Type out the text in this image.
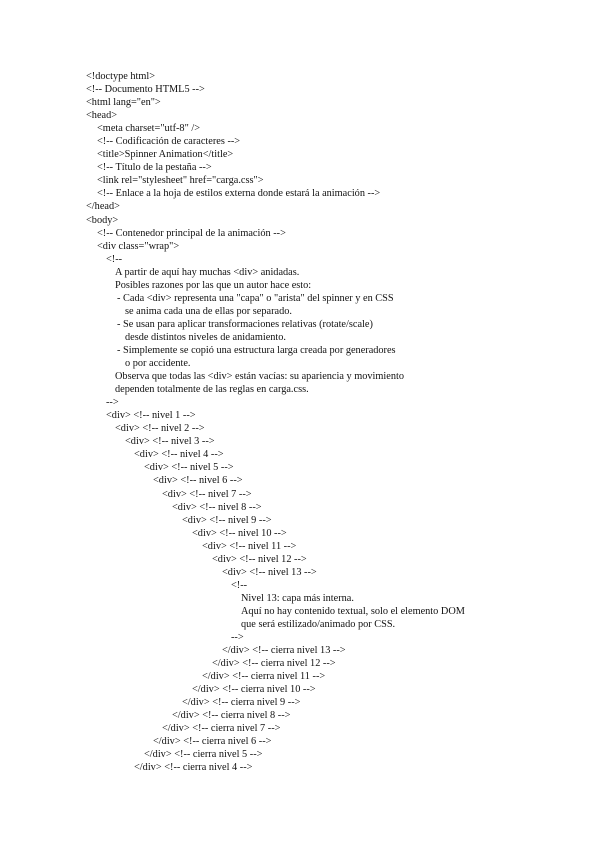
<!doctype html>
<!-- Documento HTML5 -->
<html lang="en">
<head>
<meta charset="utf-8" />
<!-- Codificación de caracteres -->
<title>Spinner Animation</title>
<!-- Título de la pestaña -->
<link rel="stylesheet" href="carga.css">
<!-- Enlace a la hoja de estilos externa donde estará la animación -->
</head>
<body>
<!-- Contenedor principal de la animación -->
<div class="wrap">
<!--
A partir de aquí hay muchas <div> anidadas.
Posibles razones por las que un autor hace esto:
- Cada <div> representa una "capa" o "arista" del spinner y en CSS
se anima cada una de ellas por separado.
- Se usan para aplicar transformaciones relativas (rotate/scale)
desde distintos niveles de anidamiento.
- Simplemente se copió una estructura larga creada por generadores
o por accidente.
Observa que todas las <div> están vacías: su apariencia y movimiento
dependen totalmente de las reglas en carga.css.
-->
<div> <!-- nivel 1 -->
<div> <!-- nivel 2 -->
<div> <!-- nivel 3 -->
<div> <!-- nivel 4 -->
<div> <!-- nivel 5 -->
<div> <!-- nivel 6 -->
<div> <!-- nivel 7 -->
<div> <!-- nivel 8 -->
<div> <!-- nivel 9 -->
<div> <!-- nivel 10 -->
<div> <!-- nivel 11 -->
<div> <!-- nivel 12 -->
<div> <!-- nivel 13 -->
<!--
Nivel 13: capa más interna.
Aquí no hay contenido textual, solo el elemento DOM
que será estilizado/animado por CSS.
-->
</div> <!-- cierra nivel 13 -->
</div> <!-- cierra nivel 12 -->
</div> <!-- cierra nivel 11 -->
</div> <!-- cierra nivel 10 -->
</div> <!-- cierra nivel 9 -->
</div> <!-- cierra nivel 8 -->
</div> <!-- cierra nivel 7 -->
</div> <!-- cierra nivel 6 -->
</div> <!-- cierra nivel 5 -->
</div> <!-- cierra nivel 4 -->
